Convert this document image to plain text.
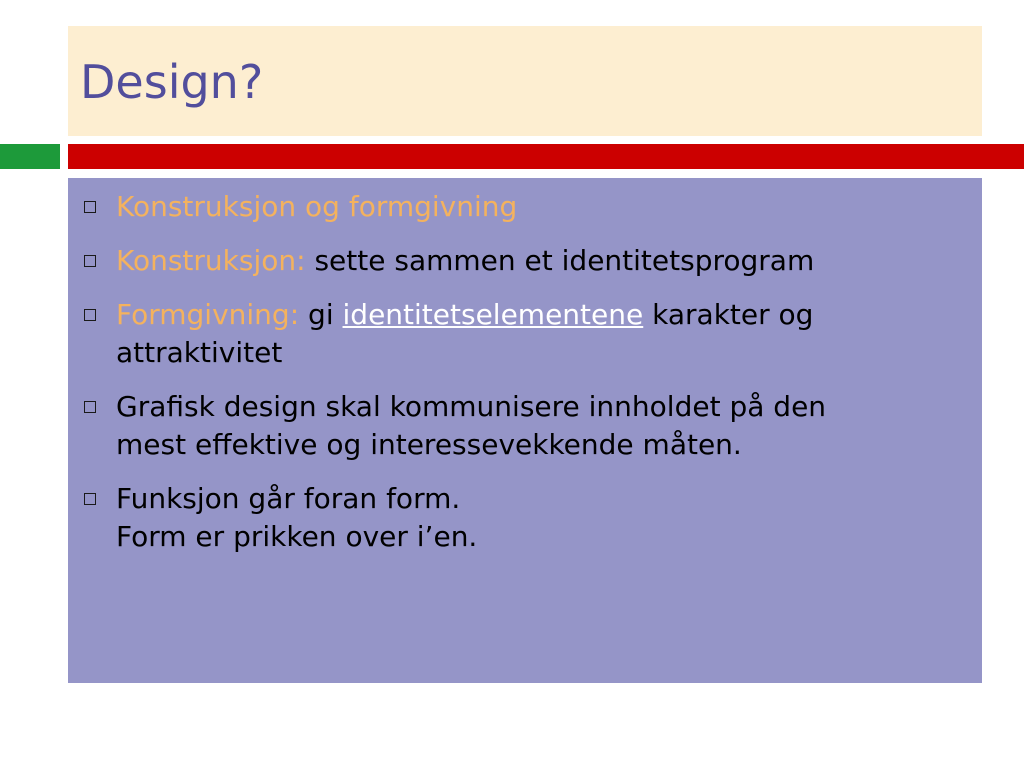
Design?
Konstruksjon og formgivning
Konstruksjon: sette sammen et identitetsprogram
Formgivning: gi identitetselementene karakter og
attraktivitet
Grafisk design skal kommunisere innholdet på den
mest effektive og interessevekkende måten.
Funksjon går foran form.
Form er prikken over i’en.
